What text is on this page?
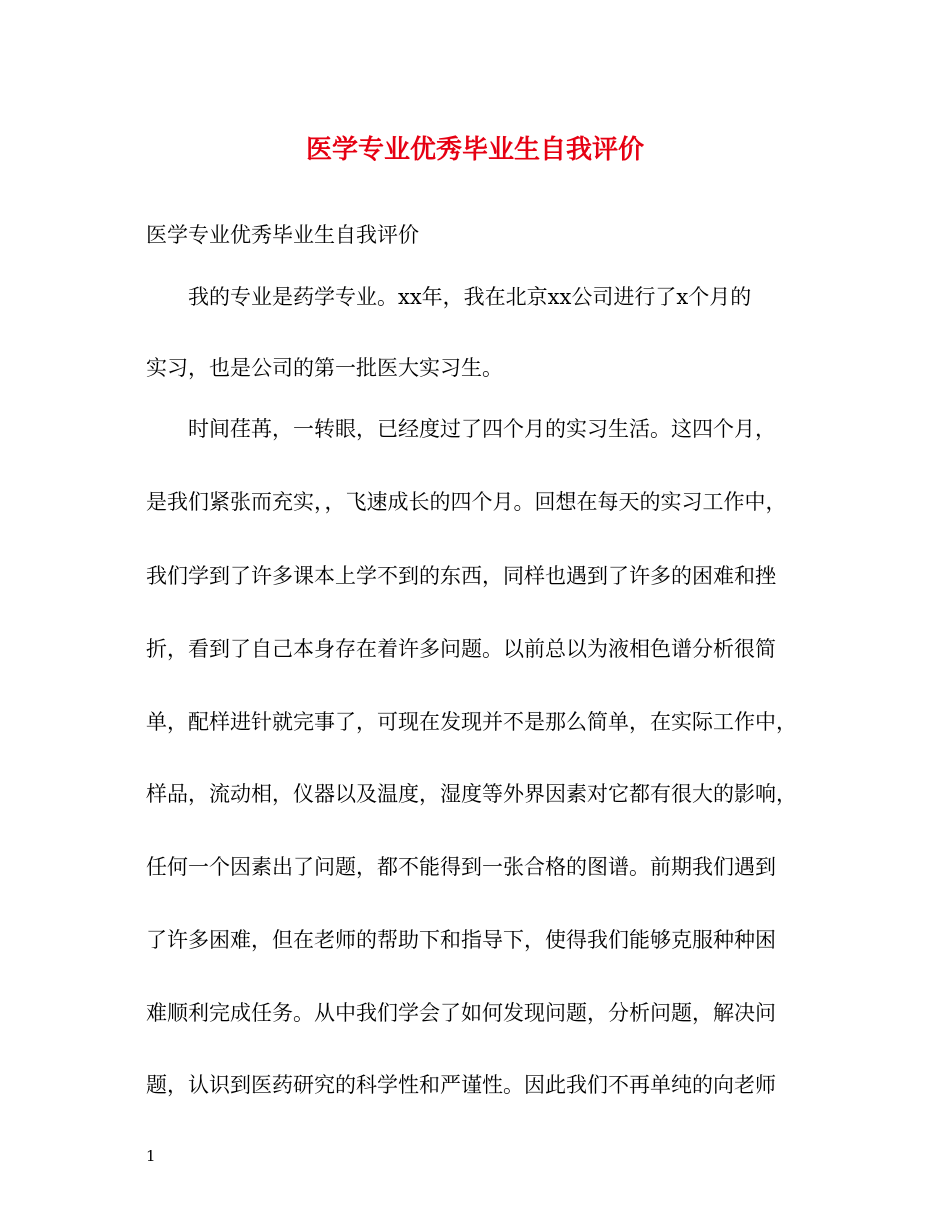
医学专业优秀毕业生自我评价
医学专业优秀毕业生自我评价
我的专业是药学专业。xx年，我在北京xx公司进行了x个月的
实习，也是公司的第一批医大实习生。
时间荏苒，一转眼，已经度过了四个月的实习生活。这四个月，
是我们紧张而充实，，飞速成长的四个月。回想在每天的实习工作中，
我们学到了许多课本上学不到的东西，同样也遇到了许多的困难和挫
折，看到了自己本身存在着许多问题。以前总以为液相色谱分析很简
单，配样进针就完事了，可现在发现并不是那么简单，在实际工作中，
样品，流动相，仪器以及温度，湿度等外界因素对它都有很大的影响，
任何一个因素出了问题，都不能得到一张合格的图谱。前期我们遇到
了许多困难，但在老师的帮助下和指导下，使得我们能够克服种种困
难顺利完成任务。从中我们学会了如何发现问题，分析问题，解决问
题，认识到医药研究的科学性和严谨性。因此我们不再单纯的向老师
1
